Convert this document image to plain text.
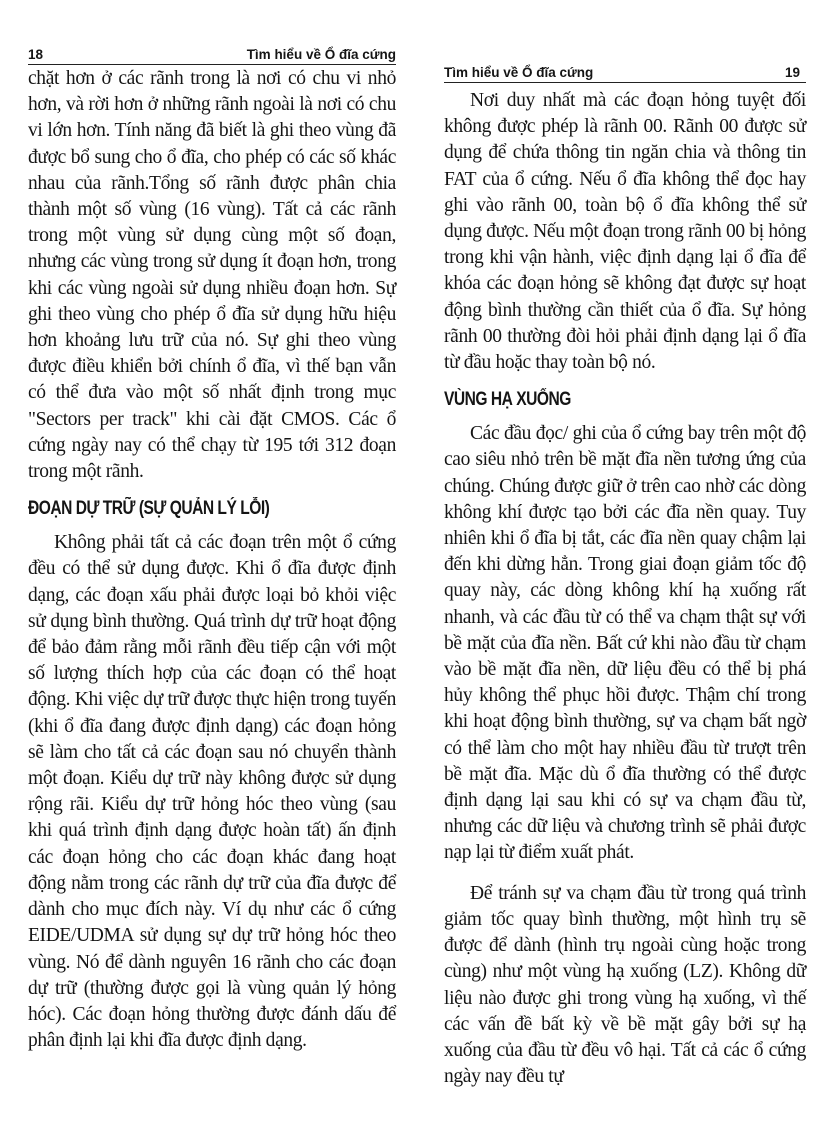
18	Tìm hiểu về Ổ đĩa cứng

chặt hơn ở các rãnh trong là nơi có chu vi nhỏ hơn, và rời hơn ở những rãnh ngoài là nơi có chu vi lớn hơn. Tính năng đã biết là ghi theo vùng đã được bổ sung cho ổ đĩa, cho phép có các số khác nhau của rãnh.Tổng số rãnh được phân chia thành một số vùng (16 vùng). Tất cả các rãnh trong một vùng sử dụng cùng một số đoạn, nhưng các vùng trong sử dụng ít đoạn hơn, trong khi các vùng ngoài sử dụng nhiều đoạn hơn. Sự ghi theo vùng cho phép ổ đĩa sử dụng hữu hiệu hơn khoảng lưu trữ của nó. Sự ghi theo vùng được điều khiển bởi chính ổ đĩa, vì thế bạn vẫn có thể đưa vào một số nhất định trong mục "Sectors per track" khi cài đặt CMOS. Các ổ cứng ngày nay có thể chạy từ 195 tới 312 đoạn trong một rãnh.

ĐOẠN DỰ TRỮ (SỰ QUẢN LÝ LỖI)

Không phải tất cả các đoạn trên một ổ cứng đều có thể sử dụng được. Khi ổ đĩa được định dạng, các đoạn xấu phải được loại bỏ khỏi việc sử dụng bình thường. Quá trình dự trữ hoạt động để bảo đảm rằng mỗi rãnh đều tiếp cận với một số lượng thích hợp của các đoạn có thể hoạt động. Khi việc dự trữ được thực hiện trong tuyến (khi ổ đĩa đang được định dạng) các đoạn hỏng sẽ làm cho tất cả các đoạn sau nó chuyển thành một đoạn. Kiểu dự trữ này không được sử dụng rộng rãi. Kiểu dự trữ hỏng hóc theo vùng (sau khi quá trình định dạng được hoàn tất) ấn định các đoạn hỏng cho các đoạn khác đang hoạt động nằm trong các rãnh dự trữ của đĩa được để dành cho mục đích này. Ví dụ như các ổ cứng EIDE/UDMA sử dụng sự dự trữ hỏng hóc theo vùng. Nó để dành nguyên 16 rãnh cho các đoạn dự trữ (thường được gọi là vùng quản lý hỏng hóc). Các đoạn hỏng thường được đánh dấu để phân định lại khi đĩa được định dạng.

Tìm hiểu về Ổ đĩa cứng	19

Nơi duy nhất mà các đoạn hỏng tuyệt đối không được phép là rãnh 00. Rãnh 00 được sử dụng để chứa thông tin ngăn chia và thông tin FAT của ổ cứng. Nếu ổ đĩa không thể đọc hay ghi vào rãnh 00, toàn bộ ổ đĩa không thể sử dụng được. Nếu một đoạn trong rãnh 00 bị hỏng trong khi vận hành, việc định dạng lại ổ đĩa để khóa các đoạn hỏng sẽ không đạt được sự hoạt động bình thường cần thiết của ổ đĩa. Sự hỏng rãnh 00 thường đòi hỏi phải định dạng lại ổ đĩa từ đầu hoặc thay toàn bộ nó.

VÙNG HẠ XUỐNG

Các đầu đọc/ ghi của ổ cứng bay trên một độ cao siêu nhỏ trên bề mặt đĩa nền tương ứng của chúng. Chúng được giữ ở trên cao nhờ các dòng không khí được tạo bởi các đĩa nền quay. Tuy nhiên khi ổ đĩa bị tắt, các đĩa nền quay chậm lại đến khi dừng hẳn. Trong giai đoạn giảm tốc độ quay này, các dòng không khí hạ xuống rất nhanh, và các đầu từ có thể va chạm thật sự với bề mặt của đĩa nền. Bất cứ khi nào đầu từ chạm vào bề mặt đĩa nền, dữ liệu đều có thể bị phá hủy không thể phục hồi được. Thậm chí trong khi hoạt động bình thường, sự va chạm bất ngờ có thể làm cho một hay nhiều đầu từ trượt trên bề mặt đĩa. Mặc dù ổ đĩa thường có thể được định dạng lại sau khi có sự va chạm đầu từ, nhưng các dữ liệu và chương trình sẽ phải được nạp lại từ điểm xuất phát.

Để tránh sự va chạm đầu từ trong quá trình giảm tốc quay bình thường, một hình trụ sẽ được để dành (hình trụ ngoài cùng hoặc trong cùng) như một vùng hạ xuống (LZ). Không dữ liệu nào được ghi trong vùng hạ xuống, vì thế các vấn đề bất kỳ về bề mặt gây bởi sự hạ xuống của đầu từ đều vô hại. Tất cả các ổ cứng ngày nay đều tự
